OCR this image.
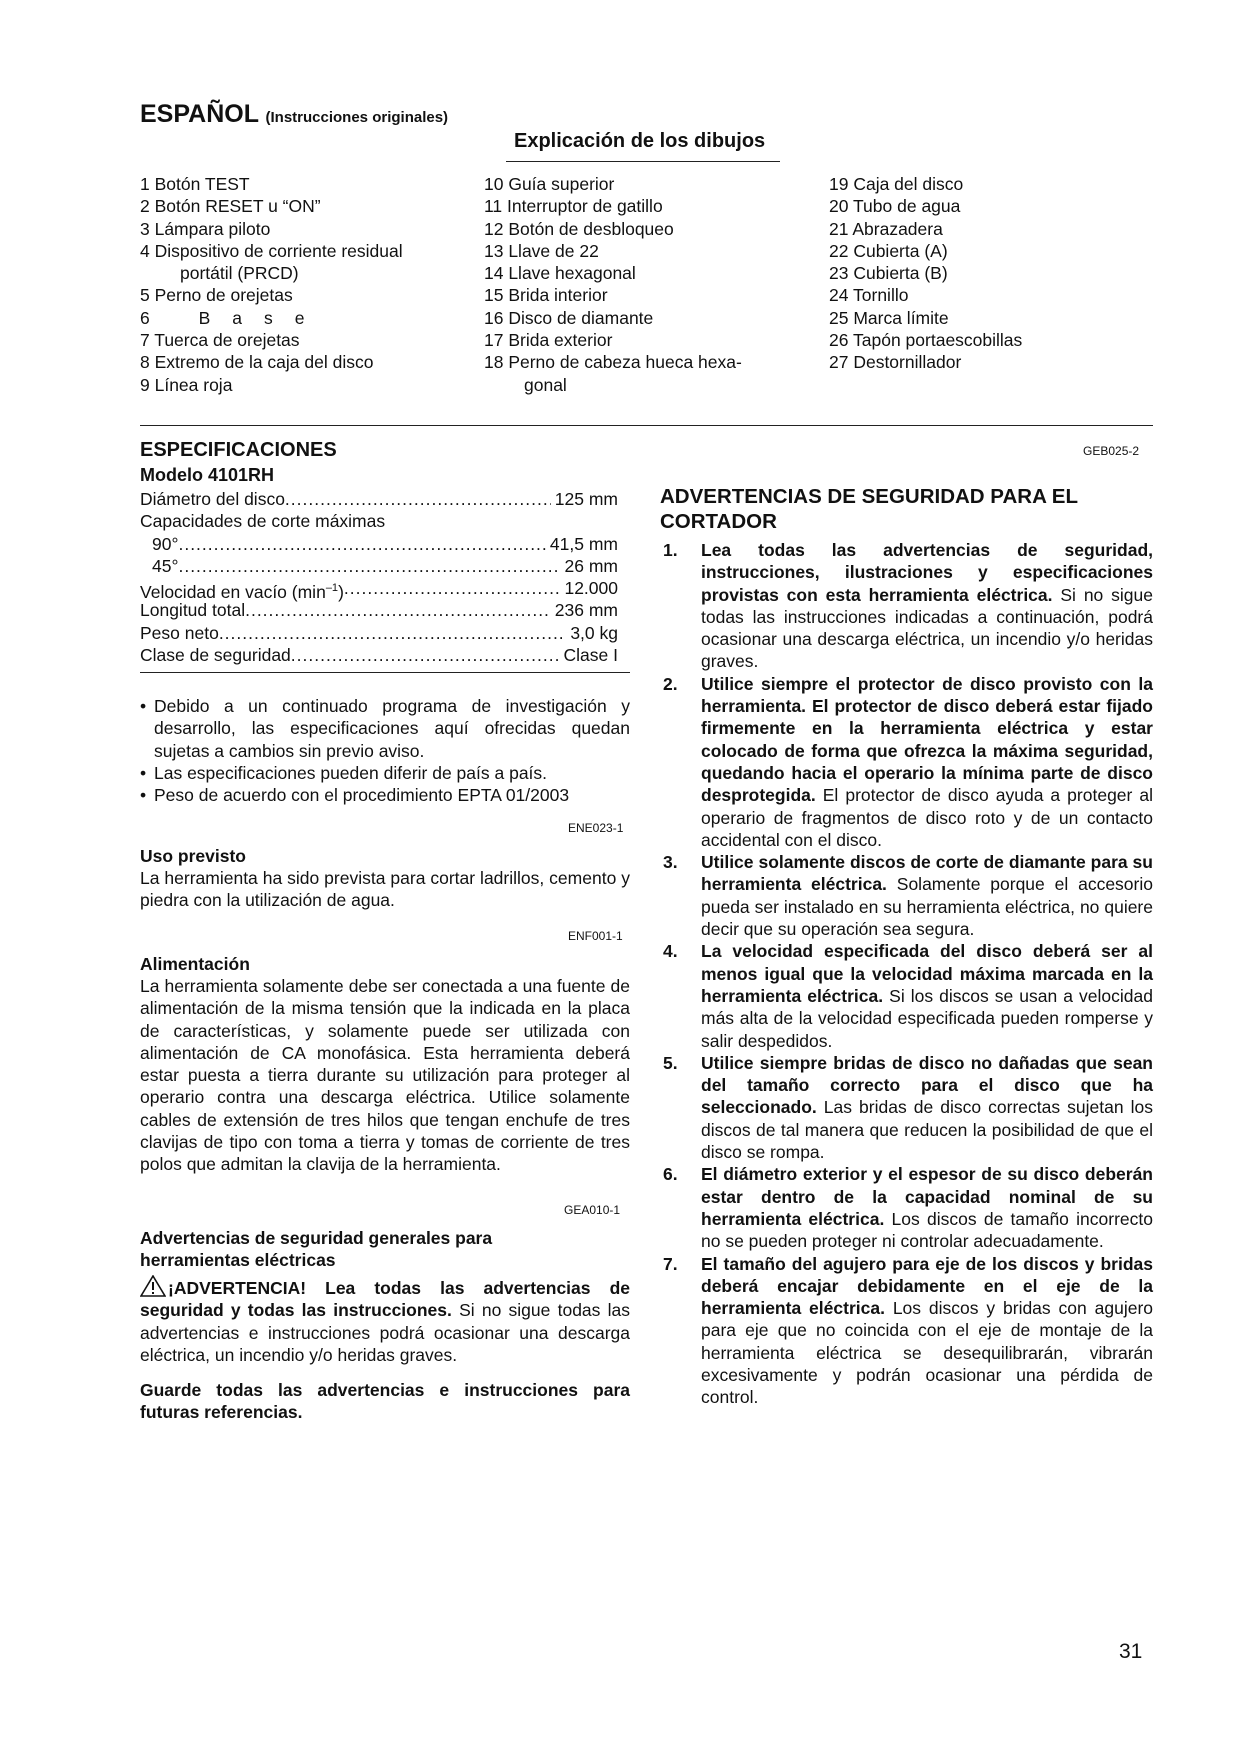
ESPAÑOL (Instrucciones originales)
Explicación de los dibujos
1 Botón TEST
2 Botón RESET u “ON”
3 Lámpara piloto
4 Dispositivo de corriente residual
portátil (PRCD)
5 Perno de orejetas
6 Base
7 Tuerca de orejetas
8 Extremo de la caja del disco
9 Línea roja
10 Guía superior
11 Interruptor de gatillo
12 Botón de desbloqueo
13 Llave de 22
14 Llave hexagonal
15 Brida interior
16 Disco de diamante
17 Brida exterior
18 Perno de cabeza hueca hexa-
gonal
19 Caja del disco
20 Tubo de agua
21 Abrazadera
22 Cubierta (A)
23 Cubierta (B)
24 Tornillo
25 Marca límite
26 Tapón portaescobillas
27 Destornillador
ESPECIFICACIONES	GEB025-2
Modelo 4101RH
Diámetro del disco .....	125 mm
Capacidades de corte máximas
90° .....	41,5 mm
45° .....	26 mm
Velocidad en vacío $(\min^{-1})$ .....	12.000
Longitud total .....	236 mm
Peso neto .....	3,0 kg
Clase de seguridad .....	Clase I
• Debido a un continuado programa de investigación y desarrollo, las especificaciones aquí ofrecidas quedan sujetas a cambios sin previo aviso.
• Las especificaciones pueden diferir de país a país.
• Peso de acuerdo con el procedimiento EPTA 01/2003
ENE023-1
Uso previsto
La herramienta ha sido prevista para cortar ladrillos, cemento y piedra con la utilización de agua.
ENF001-1
Alimentación
La herramienta solamente debe ser conectada a una fuente de alimentación de la misma tensión que la indicada en la placa de características, y solamente puede ser utilizada con alimentación de CA monofásica. Esta herramienta deberá estar puesta a tierra durante su utilización para proteger al operario contra una descarga eléctrica. Utilice solamente cables de extensión de tres hilos que tengan enchufe de tres clavijas de tipo con toma a tierra y tomas de corriente de tres polos que admitan la clavija de la herramienta.
GEA010-1
Advertencias de seguridad generales para herramientas eléctricas
¡ADVERTENCIA! Lea todas las advertencias de seguridad y todas las instrucciones. Si no sigue todas las advertencias e instrucciones podrá ocasionar una descarga eléctrica, un incendio y/o heridas graves.
Guarde todas las advertencias e instrucciones para futuras referencias.
ADVERTENCIAS DE SEGURIDAD PARA EL CORTADOR
1. Lea todas las advertencias de seguridad, instrucciones, ilustraciones y especificaciones provistas con esta herramienta eléctrica. Si no sigue todas las instrucciones indicadas a continuación, podrá ocasionar una descarga eléctrica, un incendio y/o heridas graves.
2. Utilice siempre el protector de disco provisto con la herramienta. El protector de disco deberá estar fijado firmemente en la herramienta eléctrica y estar colocado de forma que ofrezca la máxima seguridad, quedando hacia el operario la mínima parte de disco desprotegida. El protector de disco ayuda a proteger al operario de fragmentos de disco roto y de un contacto accidental con el disco.
3. Utilice solamente discos de corte de diamante para su herramienta eléctrica. Solamente porque el accesorio pueda ser instalado en su herramienta eléctrica, no quiere decir que su operación sea segura.
4. La velocidad especificada del disco deberá ser al menos igual que la velocidad máxima marcada en la herramienta eléctrica. Si los discos se usan a velocidad más alta de la velocidad especificada pueden romperse y salir despedidos.
5. Utilice siempre bridas de disco no dañadas que sean del tamaño correcto para el disco que ha seleccionado. Las bridas de disco correctas sujetan los discos de tal manera que reducen la posibilidad de que el disco se rompa.
6. El diámetro exterior y el espesor de su disco deberán estar dentro de la capacidad nominal de su herramienta eléctrica. Los discos de tamaño incorrecto no se pueden proteger ni controlar adecuadamente.
7. El tamaño del agujero para eje de los discos y bridas deberá encajar debidamente en el eje de la herramienta eléctrica. Los discos y bridas con agujero para eje que no coincida con el eje de montaje de la herramienta eléctrica se desequilibrarán, vibrarán excesivamente y podrán ocasionar una pérdida de control.
31
